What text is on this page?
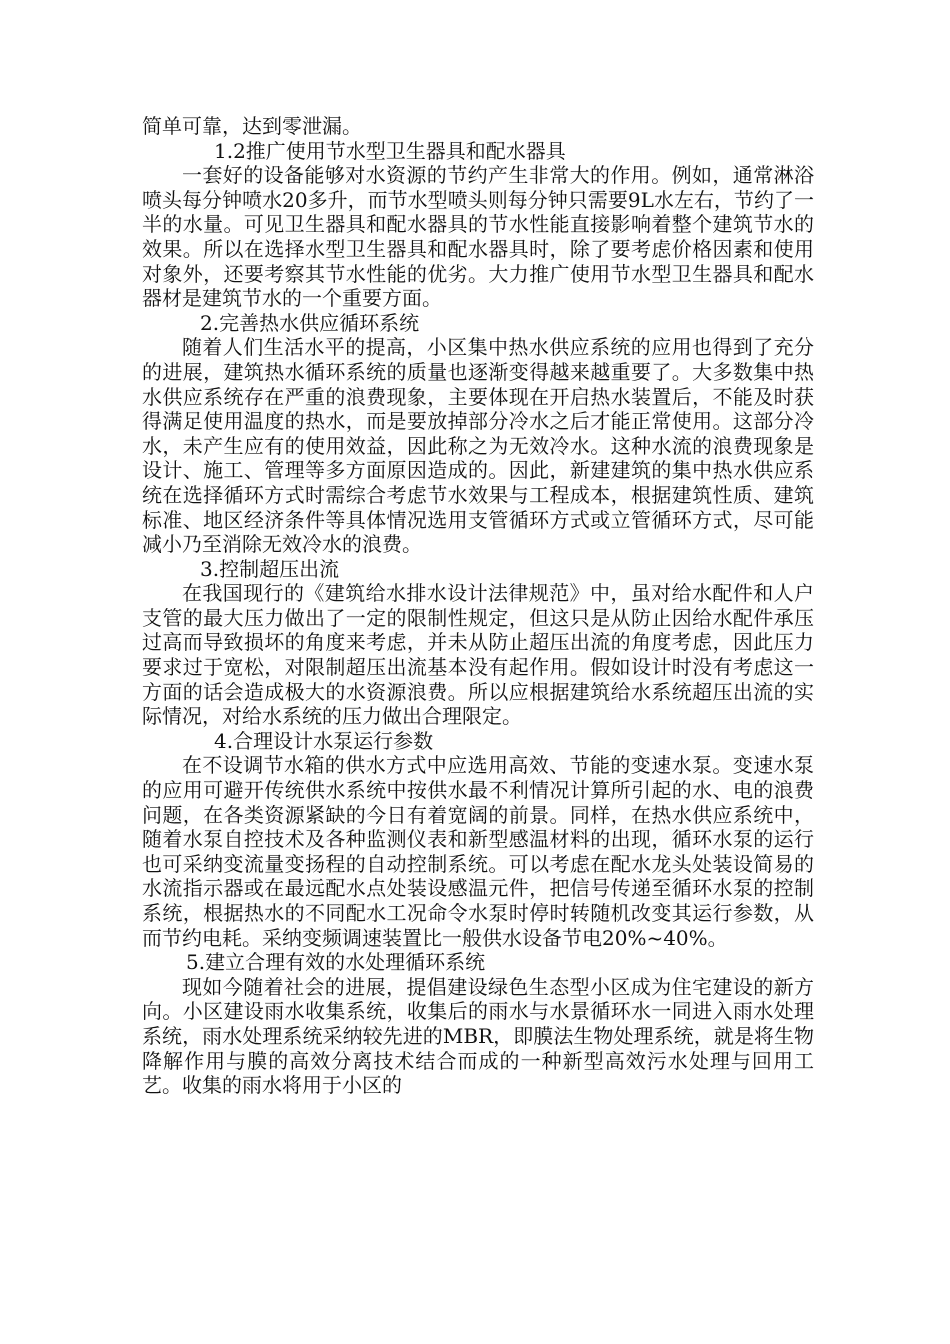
简单可靠，达到零泄漏。

1.2推广使用节水型卫生器具和配水器具

一套好的设备能够对水资源的节约产生非常大的作用。例如，通常淋浴喷头每分钟喷水20多升，而节水型喷头则每分钟只需要9L水左右，节约了一半的水量。可见卫生器具和配水器具的节水性能直接影响着整个建筑节水的效果。所以在选择水型卫生器具和配水器具时，除了要考虑价格因素和使用对象外，还要考察其节水性能的优劣。大力推广使用节水型卫生器具和配水器材是建筑节水的一个重要方面。

2.完善热水供应循环系统

随着人们生活水平的提高，小区集中热水供应系统的应用也得到了充分的进展，建筑热水循环系统的质量也逐渐变得越来越重要了。大多数集中热水供应系统存在严重的浪费现象，主要体现在开启热水装置后，不能及时获得满足使用温度的热水，而是要放掉部分冷水之后才能正常使用。这部分冷水，未产生应有的使用效益，因此称之为无效冷水。这种水流的浪费现象是设计、施工、管理等多方面原因造成的。因此，新建建筑的集中热水供应系统在选择循环方式时需综合考虑节水效果与工程成本，根据建筑性质、建筑标准、地区经济条件等具体情况选用支管循环方式或立管循环方式，尽可能减小乃至消除无效冷水的浪费。

3.控制超压出流

在我国现行的《建筑给水排水设计法律规范》中，虽对给水配件和人户支管的最大压力做出了一定的限制性规定，但这只是从防止因给水配件承压过高而导致损坏的角度来考虑，并未从防止超压出流的角度考虑，因此压力要求过于宽松，对限制超压出流基本没有起作用。假如设计时没有考虑这一方面的话会造成极大的水资源浪费。所以应根据建筑给水系统超压出流的实际情况，对给水系统的压力做出合理限定。

4.合理设计水泵运行参数

在不设调节水箱的供水方式中应选用高效、节能的变速水泵。变速水泵的应用可避开传统供水系统中按供水最不利情况计算所引起的水、电的浪费问题，在各类资源紧缺的今日有着宽阔的前景。同样，在热水供应系统中，随着水泵自控技术及各种监测仪表和新型感温材料的出现，循环水泵的运行也可采纳变流量变扬程的自动控制系统。可以考虑在配水龙头处装设简易的水流指示器或在最远配水点处装设感温元件，把信号传递至循环水泵的控制系统，根据热水的不同配水工况命令水泵时停时转随机改变其运行参数，从而节约电耗。采纳变频调速装置比一般供水设备节电20%~40%。

5.建立合理有效的水处理循环系统

现如今随着社会的进展，提倡建设绿色生态型小区成为住宅建设的新方向。小区建设雨水收集系统，收集后的雨水与水景循环水一同进入雨水处理系统，雨水处理系统采纳较先进的MBR，即膜法生物处理系统，就是将生物降解作用与膜的高效分离技术结合而成的一种新型高效污水处理与回用工艺。收集的雨水将用于小区的
